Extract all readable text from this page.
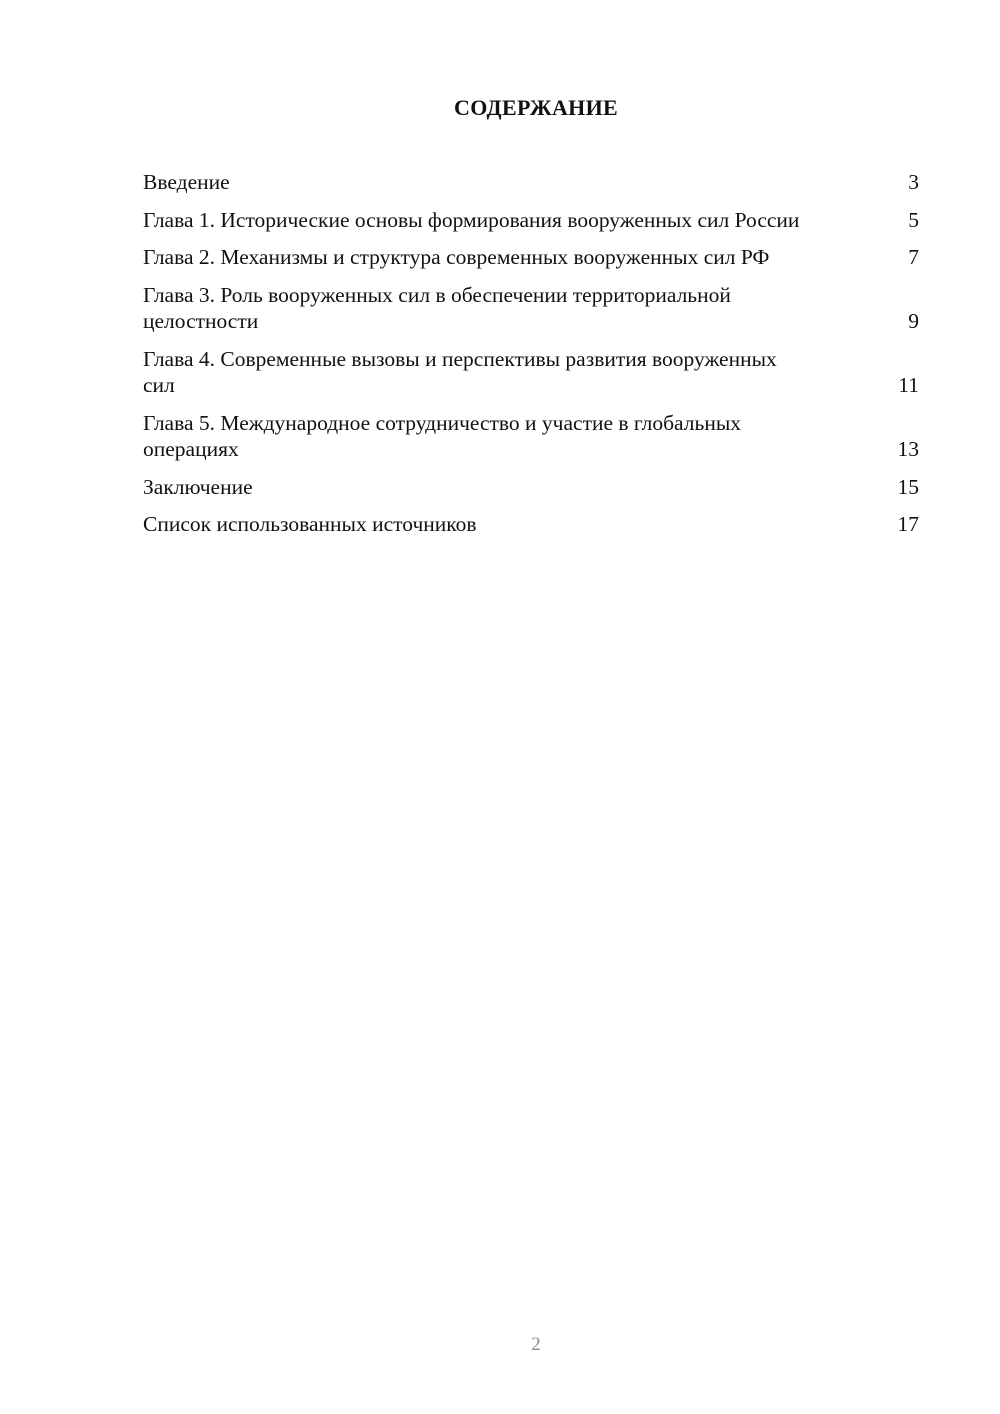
СОДЕРЖАНИЕ
Введение	3
Глава 1. Исторические основы формирования вооруженных сил России	5
Глава 2. Механизмы и структура современных вооруженных сил РФ	7
Глава 3. Роль вооруженных сил в обеспечении территориальной целостности	9
Глава 4. Современные вызовы и перспективы развития вооруженных сил	11
Глава 5. Международное сотрудничество и участие в глобальных операциях	13
Заключение	15
Список использованных источников	17
2
